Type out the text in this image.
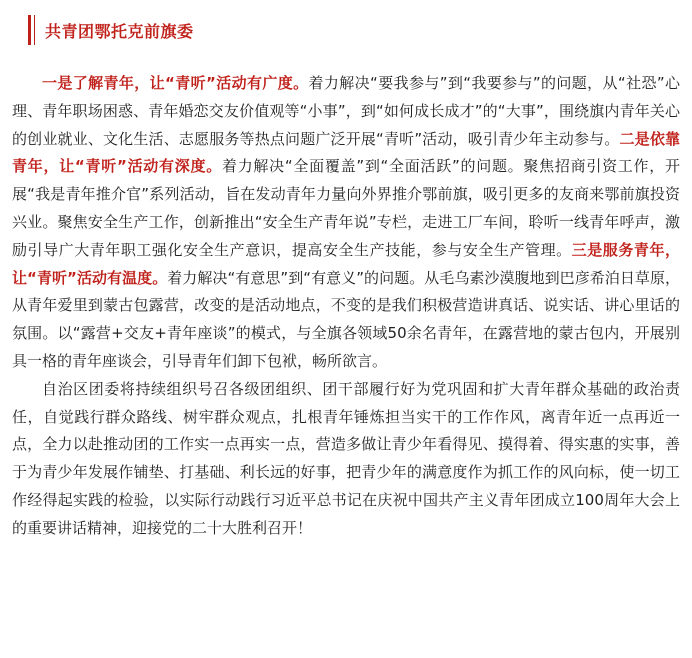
共青团鄂托克前旗委

一是了解青年，让“青听”活动有广度。着力解决“要我参与”到“我要参与”的问题，从“社恐”心理、青年职场困惑、青年婚恋交友价值观等“小事”，到“如何成长成才”的“大事”，围绕旗内青年关心的创业就业、文化生活、志愿服务等热点问题广泛开展“青听”活动，吸引青少年主动参与。二是依靠青年，让“青听”活动有深度。着力解决“全面覆盖”到“全面活跃”的问题。聚焦招商引资工作，开展“我是青年推介官”系列活动，旨在发动青年力量向外界推介鄂前旗，吸引更多的友商来鄂前旗投资兴业。聚焦安全生产工作，创新推出“安全生产青年说”专栏，走进工厂车间，聆听一线青年呼声，激励引导广大青年职工强化安全生产意识，提高安全生产技能，参与安全生产管理。三是服务青年，让“青听”活动有温度。着力解决“有意思”到“有意义”的问题。从毛乌素沙漠腹地到巴彦希泊日草原，从青年爱里到蒙古包露营，改变的是活动地点，不变的是我们积极营造讲真话、说实话、讲心里话的氛围。以“露营+交友+青年座谈”的模式，与全旗各领域50余名青年，在露营地的蒙古包内，开展别具一格的青年座谈会，引导青年们卸下包袱，畅所欲言。

自治区团委将持续组织号召各级团组织、团干部履行好为党巩固和扩大青年群众基础的政治责任，自觉践行群众路线、树牢群众观点，扎根青年锤炼担当实干的工作作风，离青年近一点再近一点，全力以赴推动团的工作实一点再实一点，营造多做让青少年看得见、摸得着、得实惠的实事，善于为青少年发展作铺垫、打基础、利长远的好事，把青少年的满意度作为抓工作的风向标，使一切工作经得起实践的检验，以实际行动践行习近平总书记在庆祝中国共产主义青年团成立100周年大会上的重要讲话精神，迎接党的二十大胜利召开！
